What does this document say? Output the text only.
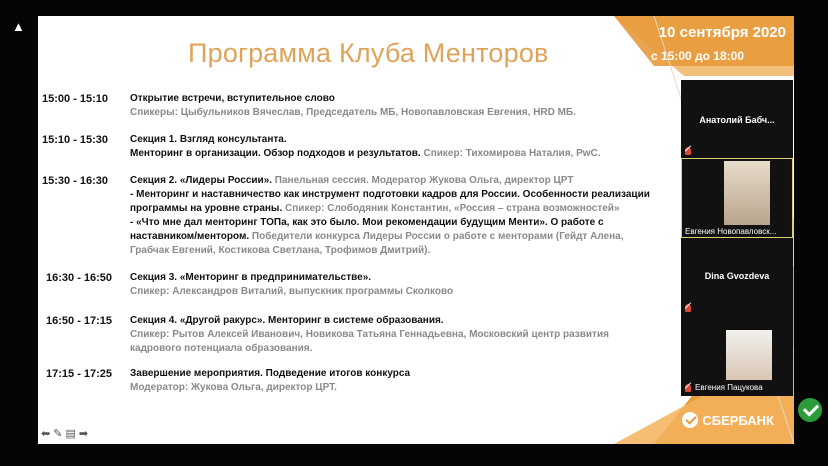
▲
Программа Клуба Менторов
10 сентября 2020
с 15:00 до 18:00
15:00 - 15:10 Открытие встречи, вступительное слово
Спикеры: Цыбульников Вячеслав, Председатель МБ, Новопавловская Евгения, HRD МБ.
15:10 - 15:30 Секция 1. Взгляд консультанта.
Менторинг в организации. Обзор подходов и результатов. Спикер: Тихомирова Наталия, PwC.
15:30 - 16:30 Секция 2. «Лидеры России». Панельная сессия. Модератор Жукова Ольга, директор ЦРТ
- Менторинг и наставничество как инструмент подготовки кадров для России. Особенности реализации
программы на уровне страны. Спикер: Слободяник Константин, «Россия – страна возможностей»
- «Что мне дал менторинг ТОПа, как это было. Мои рекомендации будущим Менти». О работе с
наставником/ментором. Победители конкурса Лидеры России о работе с менторами (Гейдт Алена,
Грабчак Евгений, Костикова Светлана, Трофимов Дмитрий).
16:30 - 16:50 Секция 3. «Менторинг в предпринимательстве».
Спикер: Александров Виталий, выпускник программы Сколково
16:50 - 17:15 Секция 4. «Другой ракурс». Менторинг в системе образования.
Спикер: Рытов Алексей Иванович, Новикова Татьяна Геннадьевна, Московский центр развития
кадрового потенциала образования.
17:15 - 17:25 Завершение мероприятия. Подведение итогов конкурса
Модератор: Жукова Ольга, директор ЦРТ.
⬅ ✎ ▤ ➡
СБЕРБАНК
Анатолий Бабч...
Евгения Новопавловск...
Dina Gvozdeva
Евгения Пацукова
